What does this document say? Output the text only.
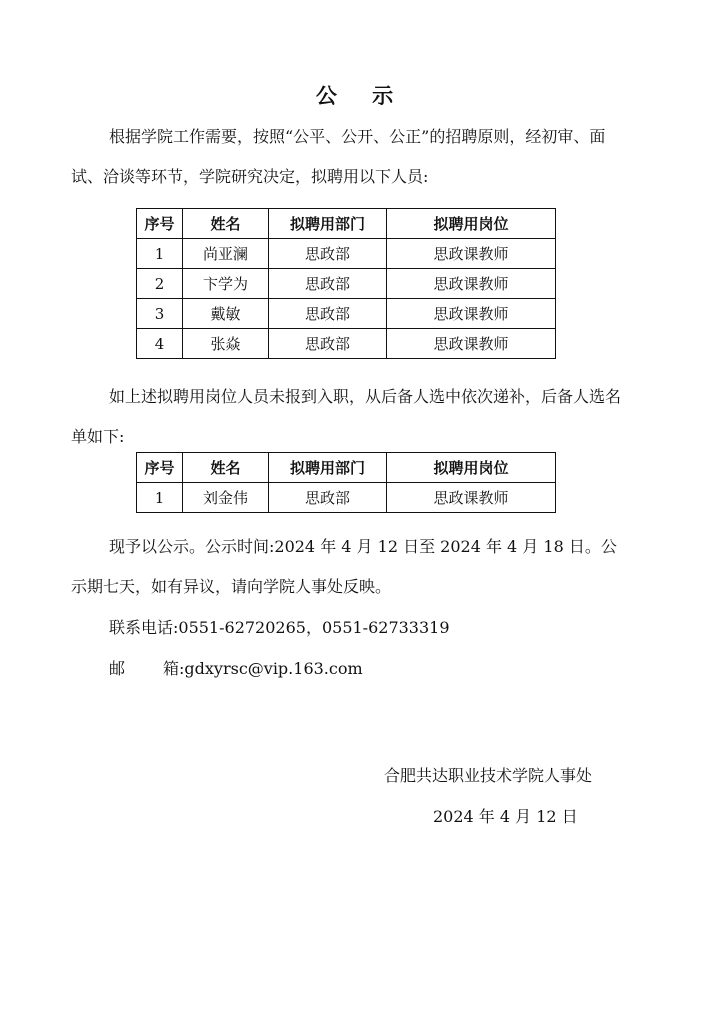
公 示

根据学院工作需要，按照“公平、公开、公正”的招聘原则，经初审、面试、洽谈等环节，学院研究决定，拟聘用以下人员:

序号	姓名	拟聘用部门	拟聘用岗位
1	尚亚澜	思政部	思政课教师
2	卞学为	思政部	思政课教师
3	戴敏	思政部	思政课教师
4	张焱	思政部	思政课教师

如上述拟聘用岗位人员未报到入职，从后备人选中依次递补，后备人选名单如下:

序号	姓名	拟聘用部门	拟聘用岗位
1	刘金伟	思政部	思政课教师

现予以公示。公示时间:2024 年 4 月 12 日至 2024 年 4 月 18 日。公示期七天，如有异议，请向学院人事处反映。

联系电话:0551-62720265，0551-62733319
邮 箱:gdxyrsc@vip.163.com
合肥共达职业技术学院人事处
2024 年 4 月 12 日
